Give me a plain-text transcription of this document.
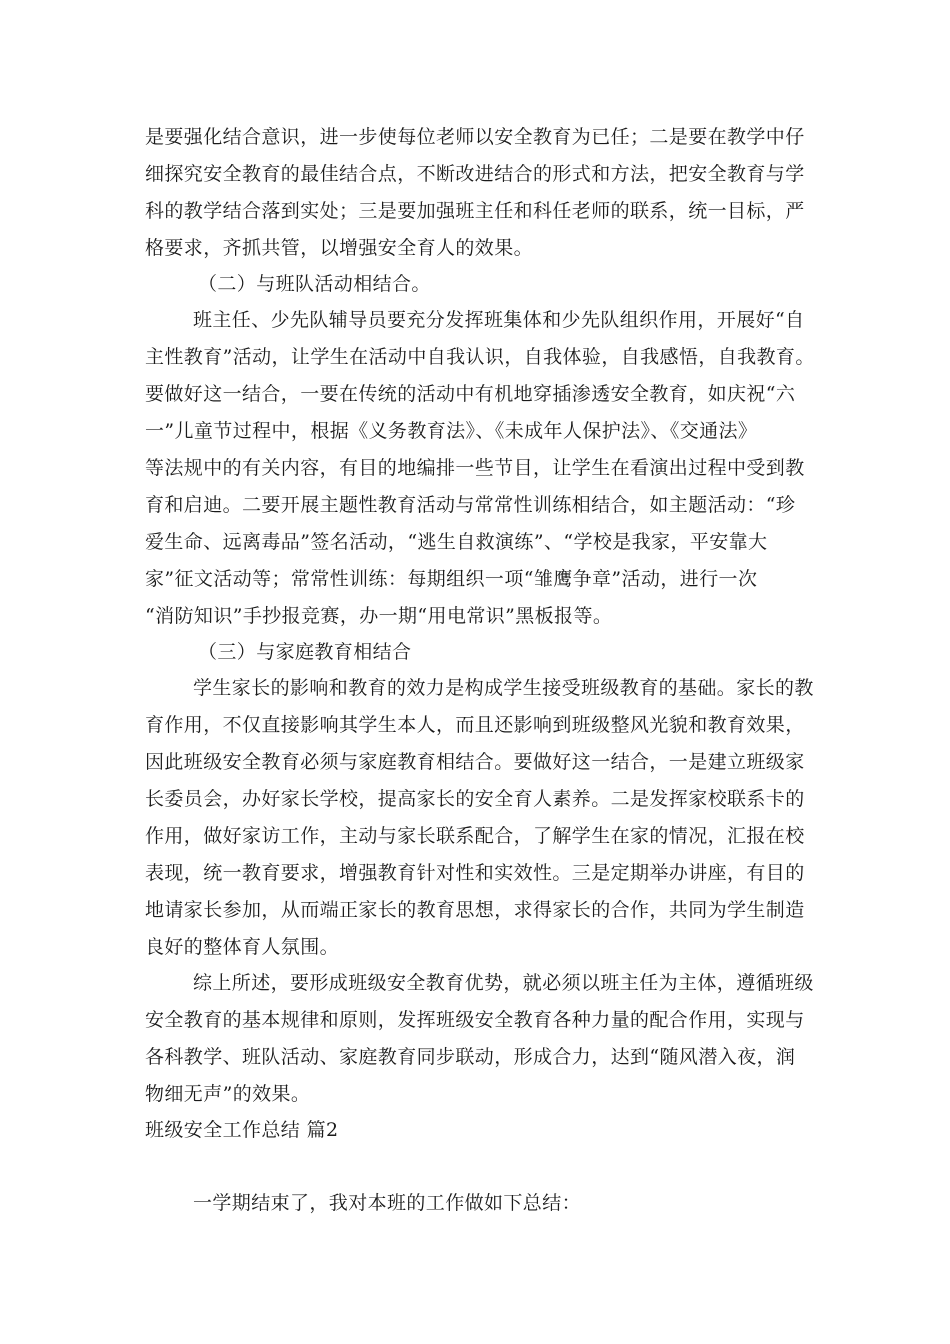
是要强化结合意识，进一步使每位老师以安全教育为已任；二是要在教学中仔
细探究安全教育的最佳结合点，不断改进结合的形式和方法，把安全教育与学
科的教学结合落到实处；三是要加强班主任和科任老师的联系，统一目标，严
格要求，齐抓共管，以增强安全育人的效果。
（二）与班队活动相结合。
班主任、少先队辅导员要充分发挥班集体和少先队组织作用，开展好“自
主性教育”活动，让学生在活动中自我认识，自我体验，自我感悟，自我教育。
要做好这一结合，一要在传统的活动中有机地穿插渗透安全教育，如庆祝“六
一”儿童节过程中，根据《义务教育法》、《未成年人保护法》、《交通法》
等法规中的有关内容，有目的地编排一些节目，让学生在看演出过程中受到教
育和启迪。二要开展主题性教育活动与常常性训练相结合，如主题活动：“珍
爱生命、远离毒品”签名活动，“逃生自救演练”、“学校是我家，平安靠大
家”征文活动等；常常性训练：每期组织一项“雏鹰争章”活动，进行一次
“消防知识”手抄报竞赛，办一期“用电常识”黑板报等。
（三）与家庭教育相结合
学生家长的影响和教育的效力是构成学生接受班级教育的基础。家长的教
育作用，不仅直接影响其学生本人，而且还影响到班级整风光貌和教育效果，
因此班级安全教育必须与家庭教育相结合。要做好这一结合，一是建立班级家
长委员会，办好家长学校，提高家长的安全育人素养。二是发挥家校联系卡的
作用，做好家访工作，主动与家长联系配合，了解学生在家的情况，汇报在校
表现，统一教育要求，增强教育针对性和实效性。三是定期举办讲座，有目的
地请家长参加，从而端正家长的教育思想，求得家长的合作，共同为学生制造
良好的整体育人氛围。
综上所述，要形成班级安全教育优势，就必须以班主任为主体，遵循班级
安全教育的基本规律和原则，发挥班级安全教育各种力量的配合作用，实现与
各科教学、班队活动、家庭教育同步联动，形成合力，达到“随风潜入夜，润
物细无声”的效果。
班级安全工作总结 篇2
一学期结束了，我对本班的工作做如下总结：
